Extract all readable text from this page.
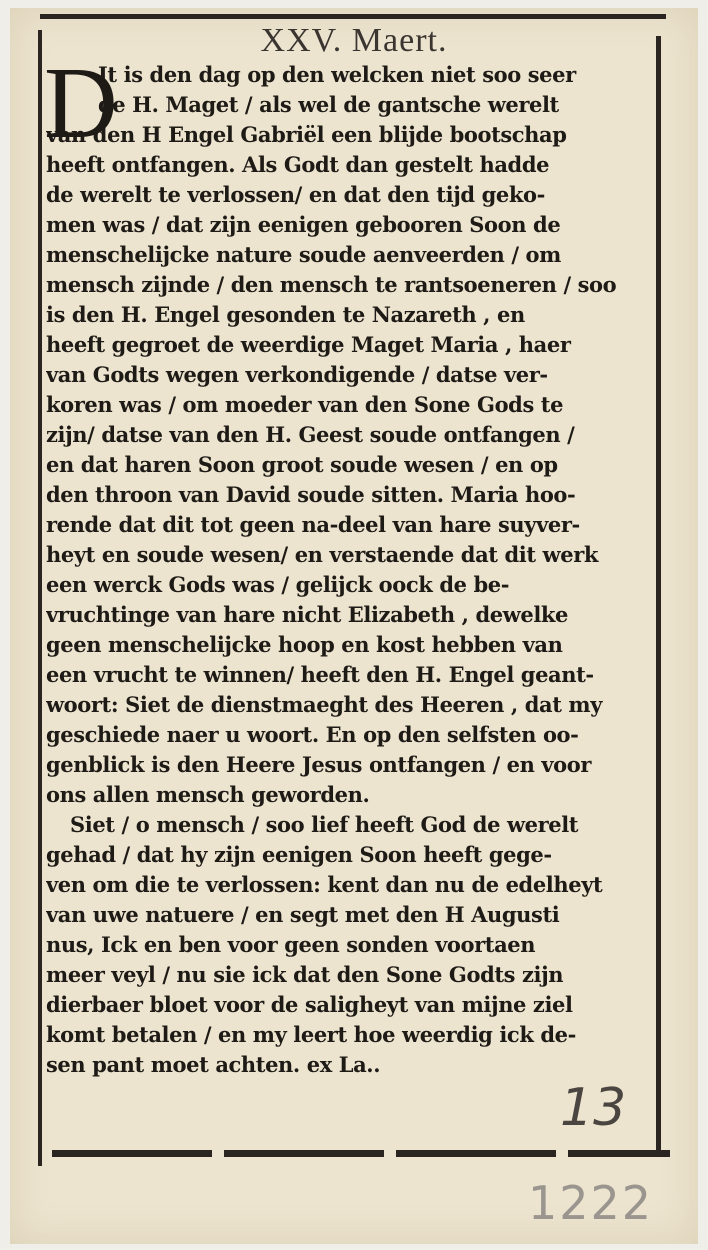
XXV. Maert.
D
It is den dag op den welcken niet soo seer
de H. Maget / als wel de gantsche werelt
van den H Engel Gabriël een blijde bootschap
heeft ontfangen. Als Godt dan gestelt hadde
de werelt te verlossen/ en dat den tijd geko-
men was / dat zijn eenigen gebooren Soon de
menschelijcke nature soude aenveerden / om
mensch zijnde / den mensch te rantsoeneren / soo
is den H. Engel gesonden te Nazareth , en
heeft gegroet de weerdige Maget Maria , haer
van Godts wegen verkondigende / datse ver-
koren was / om moeder van den Sone Gods te
zijn/ datse van den H. Geest soude ontfangen /
en dat haren Soon groot soude wesen / en op
den throon van David soude sitten. Maria hoo-
rende dat dit tot geen na-deel van hare suyver-
heyt en soude wesen/ en verstaende dat dit werk
een werck Gods was / gelijck oock de be-
vruchtinge van hare nicht Elizabeth , dewelke
geen menschelijcke hoop en kost hebben van
een vrucht te winnen/ heeft den H. Engel geant-
woort: Siet de dienstmaeght des Heeren , dat my
geschiede naer u woort. En op den selfsten oo-
genblick is den Heere Jesus ontfangen / en voor
ons allen mensch geworden.
Siet / o mensch / soo lief heeft God de werelt
gehad / dat hy zijn eenigen Soon heeft gege-
ven om die te verlossen: kent dan nu de edelheyt
van uwe natuere / en segt met den H Augusti
nus, Ick en ben voor geen sonden voortaen
meer veyl / nu sie ick dat den Sone Godts zijn
dierbaer bloet voor de saligheyt van mijne ziel
komt betalen / en my leert hoe weerdig ick de-
sen pant moet achten. ex La..
13
1222
